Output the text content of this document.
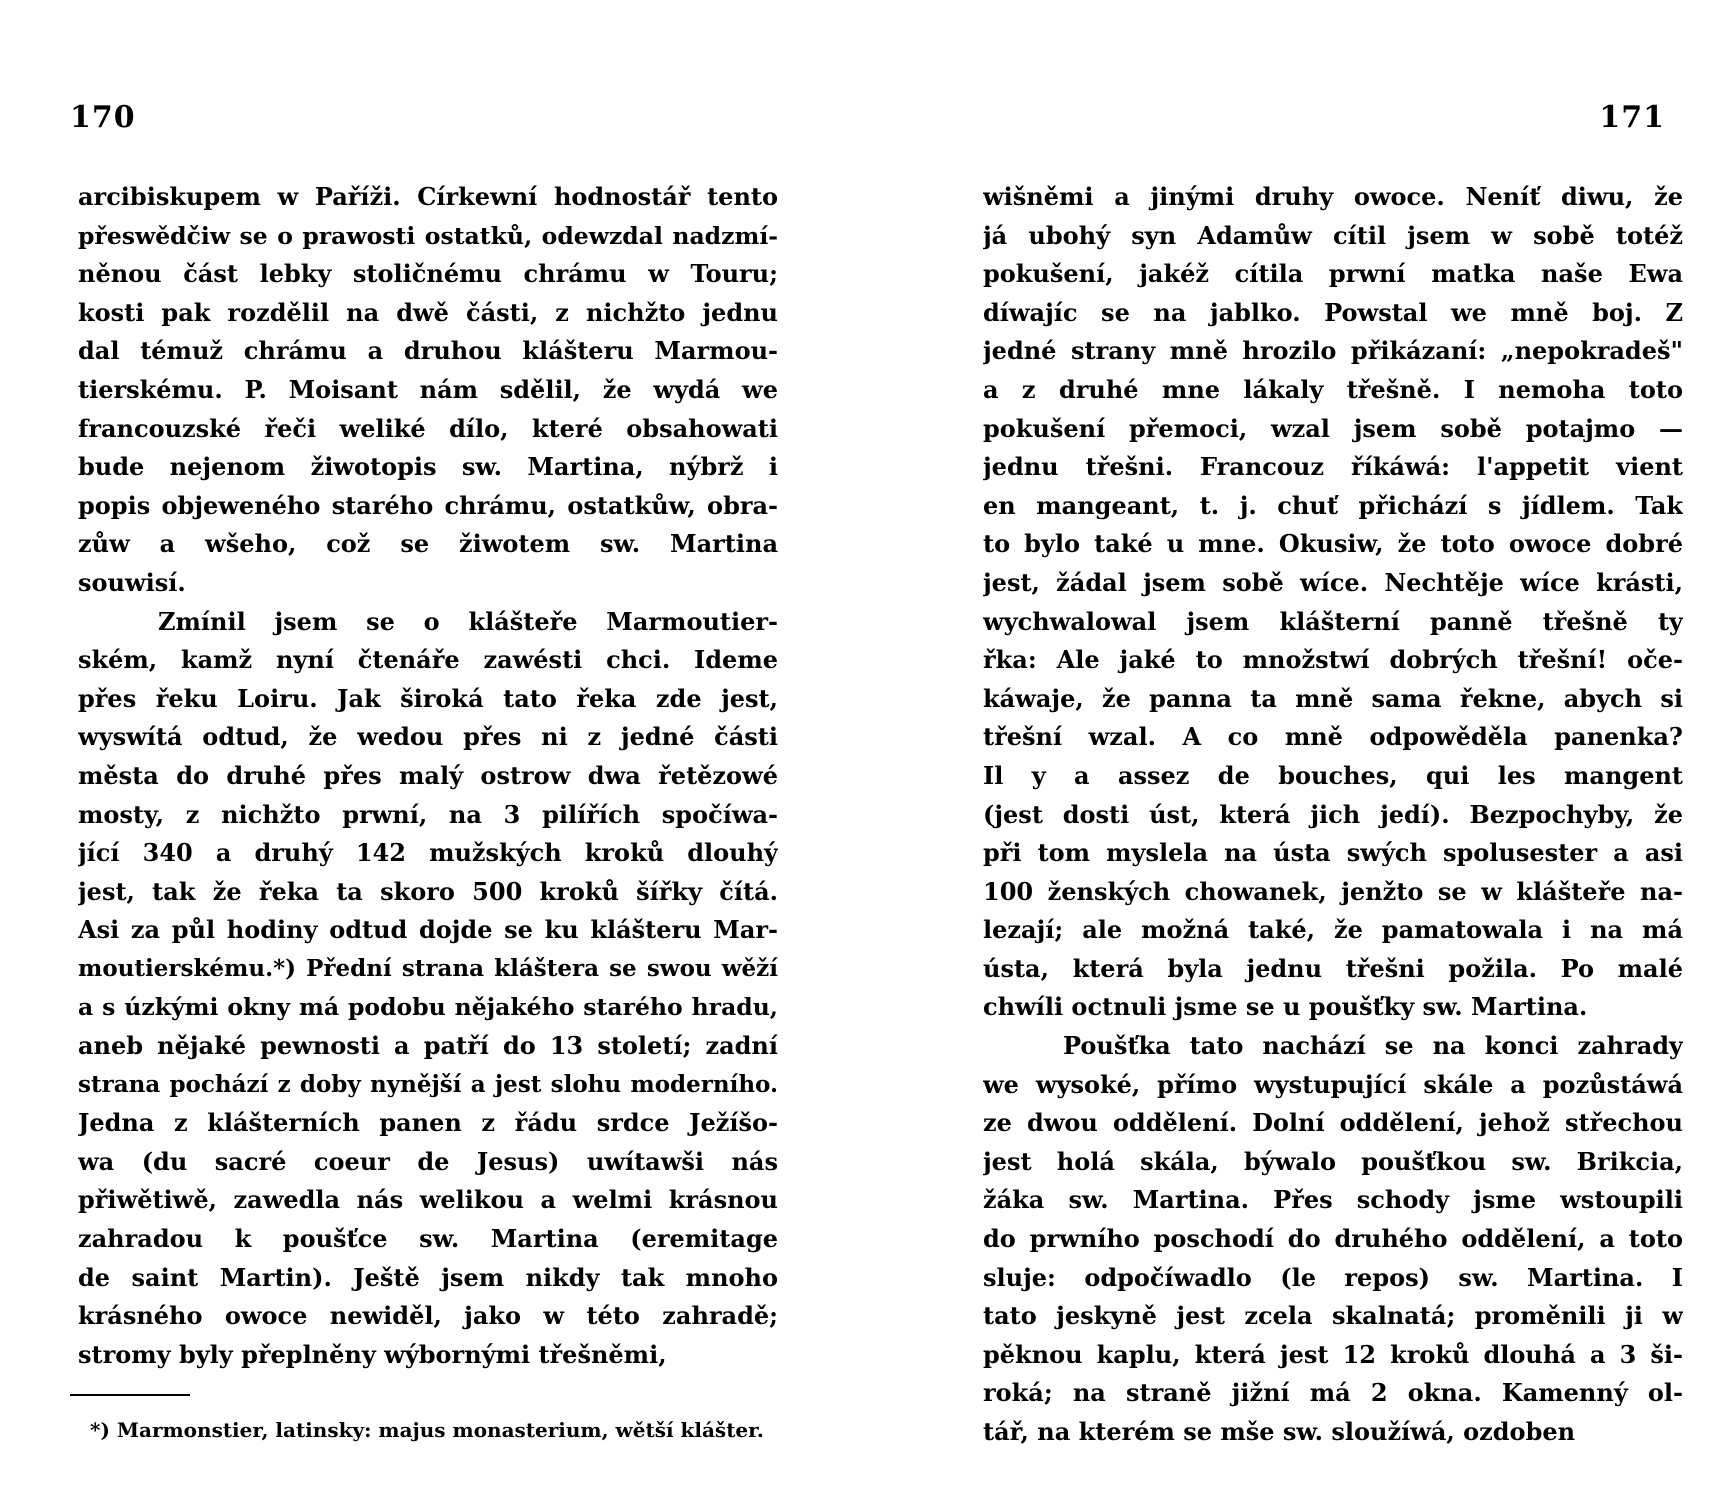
170
arcibiskupem w Paříži. Církewní hodnostář tento
přeswědčiw se o prawosti ostatků, odewzdal nadzmí-
něnou část lebky stoličnému chrámu w Touru;
kosti pak rozdělil na dwě části, z nichžto jednu
dal témuž chrámu a druhou klášteru Marmou-
tierskému. P. Moisant nám sdělil, že wydá we
francouzské řeči weliké dílo, které obsahowati
bude nejenom žiwotopis sw. Martina, nýbrž i
popis objeweného starého chrámu, ostatkůw, obra-
zůw a wšeho, což se žiwotem sw. Martina
souwisí.
Zmínil jsem se o klášteře Marmoutier-
ském, kamž nyní čtenáře zawésti chci. Ideme
přes řeku Loiru. Jak široká tato řeka zde jest,
wyswítá odtud, že wedou přes ni z jedné části
města do druhé přes malý ostrow dwa řetězowé
mosty, z nichžto prwní, na 3 pilířích spočíwa-
jící 340 a druhý 142 mužských kroků dlouhý
jest, tak že řeka ta skoro 500 kroků šířky čítá.
Asi za půl hodiny odtud dojde se ku klášteru Mar-
moutierskému.*) Přední strana kláštera se swou wěží
a s úzkými okny má podobu nějakého starého hradu,
aneb nějaké pewnosti a patří do 13 století; zadní
strana pochází z doby nynější a jest slohu moderního.
Jedna z klášterních panen z řádu srdce Ježíšo-
wa (du sacré coeur de Jesus) uwítawši nás
přiwětiwě, zawedla nás welikou a welmi krásnou
zahradou k poušťce sw. Martina (eremitage
de saint Martin). Ještě jsem nikdy tak mnoho
krásného owoce newiděl, jako w této zahradě;
stromy byly přeplněny wýbornými třešněmi,
*) Marmonstier, latinsky: majus monasterium, wětší klášter.
171
wišněmi a jinými druhy owoce. Neníť diwu, že
já ubohý syn Adamůw cítil jsem w sobě totéž
pokušení, jakéž cítila prwní matka naše Ewa
díwajíc se na jablko. Powstal we mně boj. Z
jedné strany mně hrozilo přikázaní: „nepokradeš"
a z druhé mne lákaly třešně. I nemoha toto
pokušení přemoci, wzal jsem sobě potajmo —
jednu třešni. Francouz říkáwá: l'appetit vient
en mangeant, t. j. chuť přichází s jídlem. Tak
to bylo také u mne. Okusiw, že toto owoce dobré
jest, žádal jsem sobě wíce. Nechtěje wíce krásti,
wychwalowal jsem klášterní panně třešně ty
řka: Ale jaké to množstwí dobrých třešní! oče-
káwaje, že panna ta mně sama řekne, abych si
třešní wzal. A co mně odpowěděla panenka?
Il y a assez de bouches, qui les mangent
(jest dosti úst, která jich jedí). Bezpochyby, že
při tom myslela na ústa swých spolusester a asi
100 ženských chowanek, jenžto se w klášteře na-
lezají; ale možná také, že pamatowala i na má
ústa, která byla jednu třešni požila. Po malé
chwíli octnuli jsme se u poušťky sw. Martina.
Poušťka tato nachází se na konci zahrady
we wysoké, přímo wystupující skále a pozůstáwá
ze dwou oddělení. Dolní oddělení, jehož střechou
jest holá skála, býwalo poušťkou sw. Brikcia,
žáka sw. Martina. Přes schody jsme wstoupili
do prwního poschodí do druhého oddělení, a toto
sluje: odpočíwadlo (le repos) sw. Martina. I
tato jeskyně jest zcela skalnatá; proměnili ji w
pěknou kaplu, která jest 12 kroků dlouhá a 3 ši-
roká; na straně jižní má 2 okna. Kamenný ol-
tář, na kterém se mše sw. sloužíwá, ozdoben
